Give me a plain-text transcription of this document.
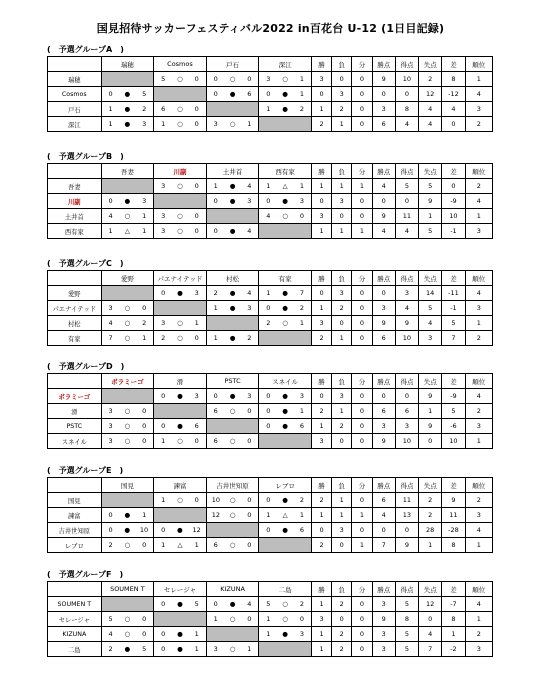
国見招待サッカーフェスティバル2022 in百花台 U-12 (1日目記録)
(　予選グループA　)
	瑞穂	Cosmos	戸石	深江	勝	負	分	勝点	得点	失点	差	順位
瑞穂		5 ○ 0	0 ○ 0	3 ○ 1	3	0	0	9	10	2	8	1
Cosmos	0 ● 5		0 ● 6	0 ● 1	0	3	0	0	0	12	-12	4
戸石	1 ● 2	6 ○ 0		1 ● 2	1	2	0	3	8	4	4	3
深江	1 ● 3	1 ○ 0	3 ○ 1		2	1	0	6	4	4	0	2
(　予選グループB　)
	吾妻	川副	土井首	西有家	勝	負	分	勝点	得点	失点	差	順位
吾妻		3 ○ 0	1 ● 4	1 △ 1	1	1	1	4	5	5	0	2
川副	0 ● 3		0 ● 3	0 ● 3	0	3	0	0	0	9	-9	4
土井首	4 ○ 1	3 ○ 0		4 ○ 0	3	0	0	9	11	1	10	1
西有家	1 △ 1	3 ○ 0	0 ● 4		1	1	1	4	4	5	-1	3
(　予選グループC　)
	愛野	パエナイテッド	村松	有家	勝	負	分	勝点	得点	失点	差	順位
愛野		0 ● 3	2 ● 4	1 ● 7	0	3	0	0	3	14	-11	4
パエナイテッド	3 ○ 0		1 ● 3	0 ● 2	1	2	0	3	4	5	-1	3
村松	4 ○ 2	3 ○ 1		2 ○ 1	3	0	0	9	9	4	5	1
有家	7 ○ 1	2 ○ 0	1 ● 2		2	1	0	6	10	3	7	2
(　予選グループD　)
	ボラミーゴ	滑	PSTC	スネイル	勝	負	分	勝点	得点	失点	差	順位
ボラミーゴ		0 ● 3	0 ● 3	0 ● 3	0	3	0	0	0	9	-9	4
滑	3 ○ 0		6 ○ 0	0 ● 1	2	1	0	6	6	1	5	2
PSTC	3 ○ 0	0 ● 6		0 ● 6	1	2	0	3	3	9	-6	3
スネイル	3 ○ 0	1 ○ 0	6 ○ 0		3	0	0	9	10	0	10	1
(　予選グループE　)
	国見	諫富	吉井世知原	レブロ	勝	負	分	勝点	得点	失点	差	順位
国見		1 ○ 0	10 ○ 0	0 ● 2	2	1	0	6	11	2	9	2
諫富	0 ● 1		12 ○ 0	1 △ 1	1	1	1	4	13	2	11	3
吉井世知原	0 ● 10	0 ● 12		0 ● 6	0	3	0	0	0	28	-28	4
レブロ	2 ○ 0	1 △ 1	6 ○ 0		2	0	1	7	9	1	8	1
(　予選グループF　)
	SOUMEN T	セレージャ	KIZUNA	二島	勝	負	分	勝点	得点	失点	差	順位
SOUMEN T		0 ● 5	0 ● 4	5 ○ 2	1	2	0	3	5	12	-7	4
セレージャ	5 ○ 0		1 ○ 0	1 ○ 0	3	0	0	9	8	0	8	1
KIZUNA	4 ○ 0	0 ● 1		1 ● 3	1	2	0	3	5	4	1	2
二島	2 ● 5	0 ● 1	3 ○ 1		1	2	0	3	5	7	-2	3
